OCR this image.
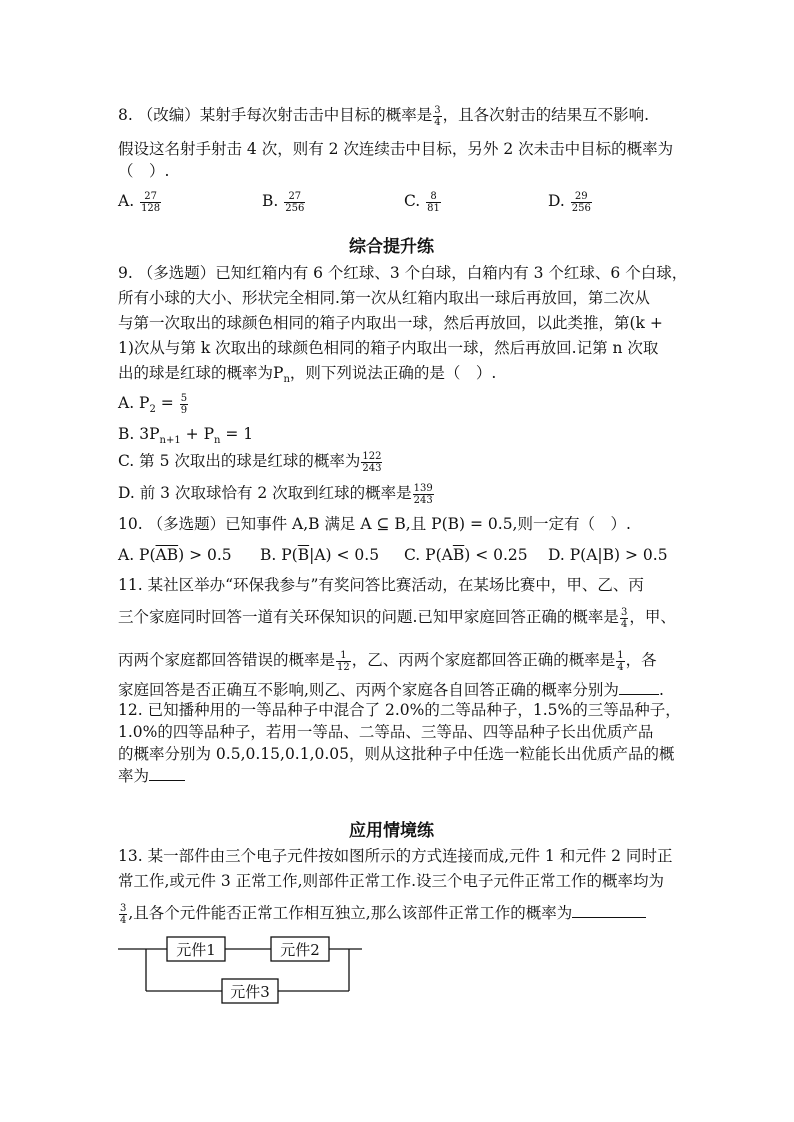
8. （改编）某射手每次射击击中目标的概率是 $\frac{3}{4}$ ，且各次射击的结果互不影响.
假设这名射手射击 4 次，则有 2 次连续击中目标，另外 2 次未击中目标的概率为
（　）.
A. $\frac{27}{128}$	B. $\frac{27}{256}$	C. $\frac{8}{81}$	D. $\frac{29}{256}$
综合提升练
9. （多选题）已知红箱内有 6 个红球、3 个白球，白箱内有 3 个红球、6 个白球，
所有小球的大小、形状完全相同.第一次从红箱内取出一球后再放回，第二次从
与第一次取出的球颜色相同的箱子内取出一球，然后再放回，以此类推，第(k +
1)次从与第 k 次取出的球颜色相同的箱子内取出一球，然后再放回.记第 n 次取
出的球是红球的概率为$P_n$，则下列说法正确的是（　）.
A. $P_2 = \frac{5}{9}$
B. $3P_{n+1} + P_n = 1$
C. 第 5 次取出的球是红球的概率为 $\frac{122}{243}$
D. 前 3 次取球恰有 2 次取到红球的概率是 $\frac{139}{243}$
10. （多选题）已知事件 A,B 满足 A ⊆ B,且 P(B) = 0.5,则一定有（　）.
A. $P(\overline{AB}) > 0.5$ B. $P(\overline{B}|A) < 0.5$ C. $P(A\overline{B}) < 0.25$ D. P(A|B) > 0.5
11. 某社区举办“环保我参与”有奖问答比赛活动，在某场比赛中，甲、乙、丙
三个家庭同时回答一道有关环保知识的问题.已知甲家庭回答正确的概率是 $\frac{3}{4}$ ，甲、
丙两个家庭都回答错误的概率是 $\frac{1}{12}$ ，乙、丙两个家庭都回答正确的概率是 $\frac{1}{4}$ ，各
家庭回答是否正确互不影响,则乙、丙两个家庭各自回答正确的概率分别为	.
12. 已知播种用的一等品种子中混合了 2.0%的二等品种子，1.5%的三等品种子，
1.0%的四等品种子，若用一等品、二等品、三等品、四等品种子长出优质产品
的概率分别为 0.5,0.15,0.1,0.05，则从这批种子中任选一粒能长出优质产品的概
率为
应用情境练
13. 某一部件由三个电子元件按如图所示的方式连接而成,元件 1 和元件 2 同时正
常工作,或元件 3 正常工作,则部件正常工作.设三个电子元件正常工作的概率均为
$\frac{3}{4}$ ,且各个元件能否正常工作相互独立,那么该部件正常工作的概率为
元件1	元件2
元件3
